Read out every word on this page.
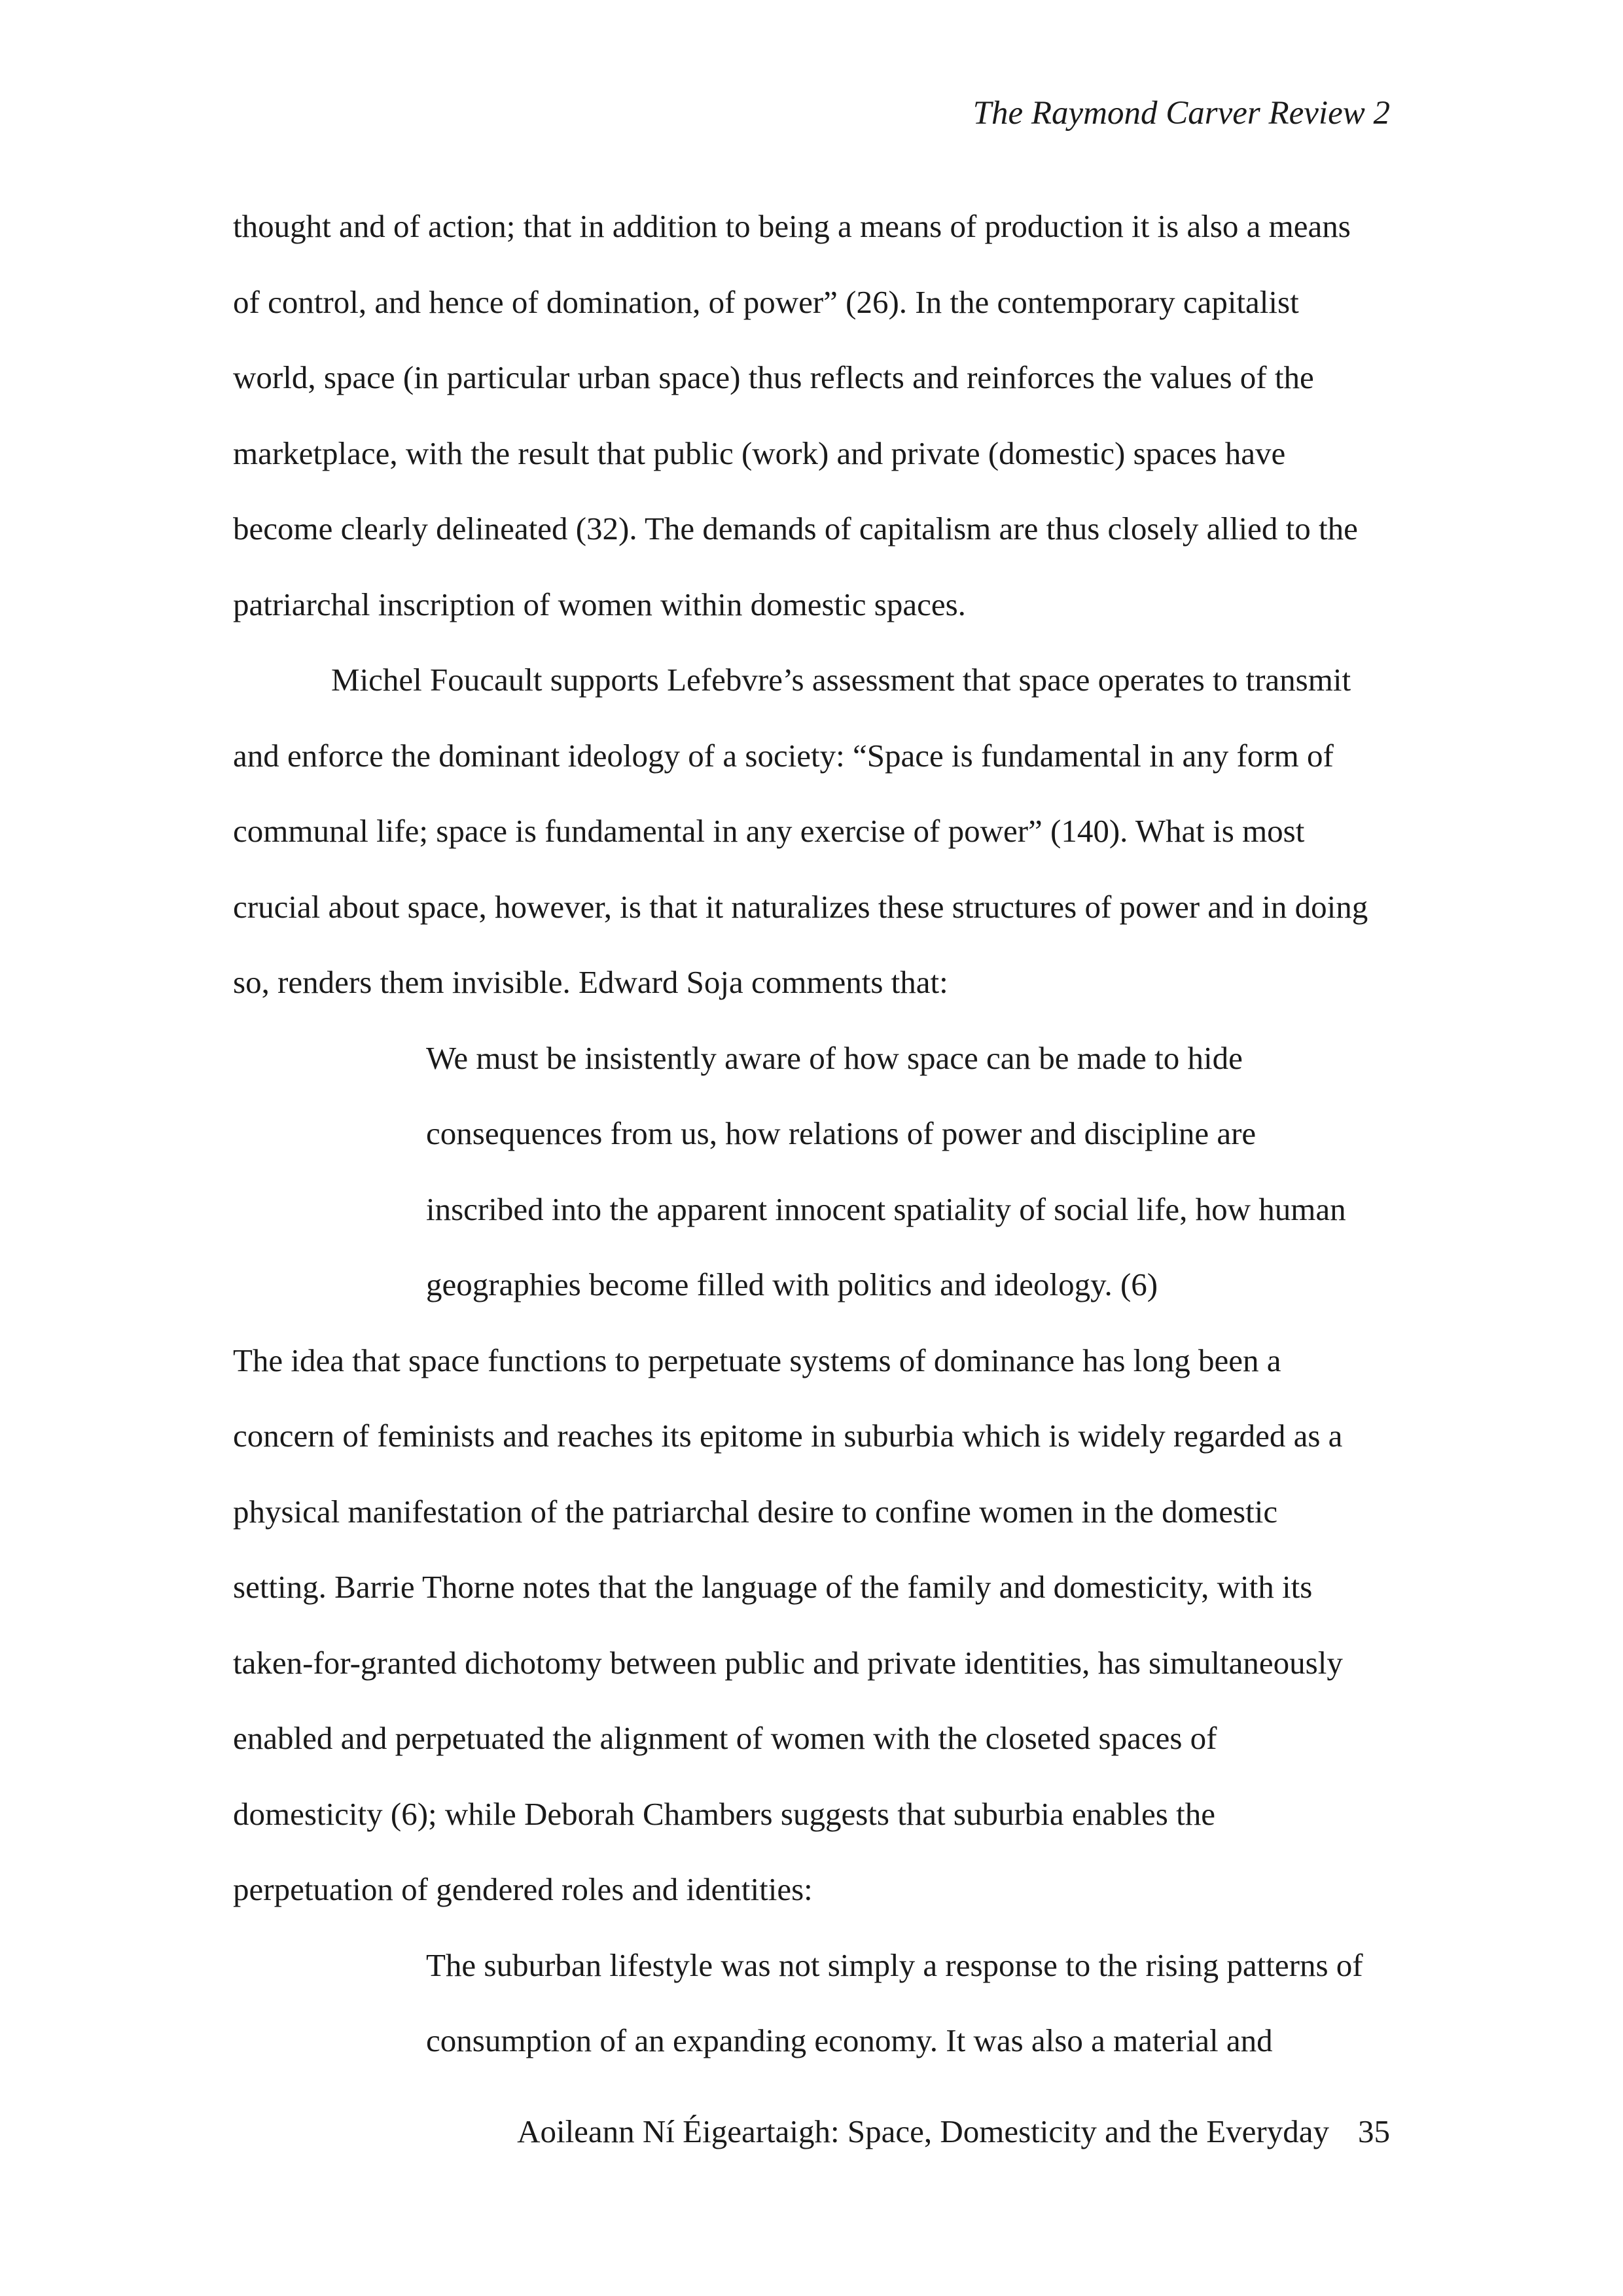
The Raymond Carver Review 2
thought and of action; that in addition to being a means of production it is also a means
of control, and hence of domination, of power” (26). In the contemporary capitalist
world, space (in particular urban space) thus reflects and reinforces the values of the
marketplace, with the result that public (work) and private (domestic) spaces have
become clearly delineated (32). The demands of capitalism are thus closely allied to the
patriarchal inscription of women within domestic spaces.
Michel Foucault supports Lefebvre’s assessment that space operates to transmit
and enforce the dominant ideology of a society: “Space is fundamental in any form of
communal life; space is fundamental in any exercise of power” (140). What is most
crucial about space, however, is that it naturalizes these structures of power and in doing
so, renders them invisible. Edward Soja comments that:
We must be insistently aware of how space can be made to hide
consequences from us, how relations of power and discipline are
inscribed into the apparent innocent spatiality of social life, how human
geographies become filled with politics and ideology. (6)
The idea that space functions to perpetuate systems of dominance has long been a
concern of feminists and reaches its epitome in suburbia which is widely regarded as a
physical manifestation of the patriarchal desire to confine women in the domestic
setting. Barrie Thorne notes that the language of the family and domesticity, with its
taken-for-granted dichotomy between public and private identities, has simultaneously
enabled and perpetuated the alignment of women with the closeted spaces of
domesticity (6); while Deborah Chambers suggests that suburbia enables the
perpetuation of gendered roles and identities:
The suburban lifestyle was not simply a response to the rising patterns of
consumption of an expanding economy. It was also a material and
Aoileann Ní Éigeartaigh: Space, Domesticity and the Everyday 35
